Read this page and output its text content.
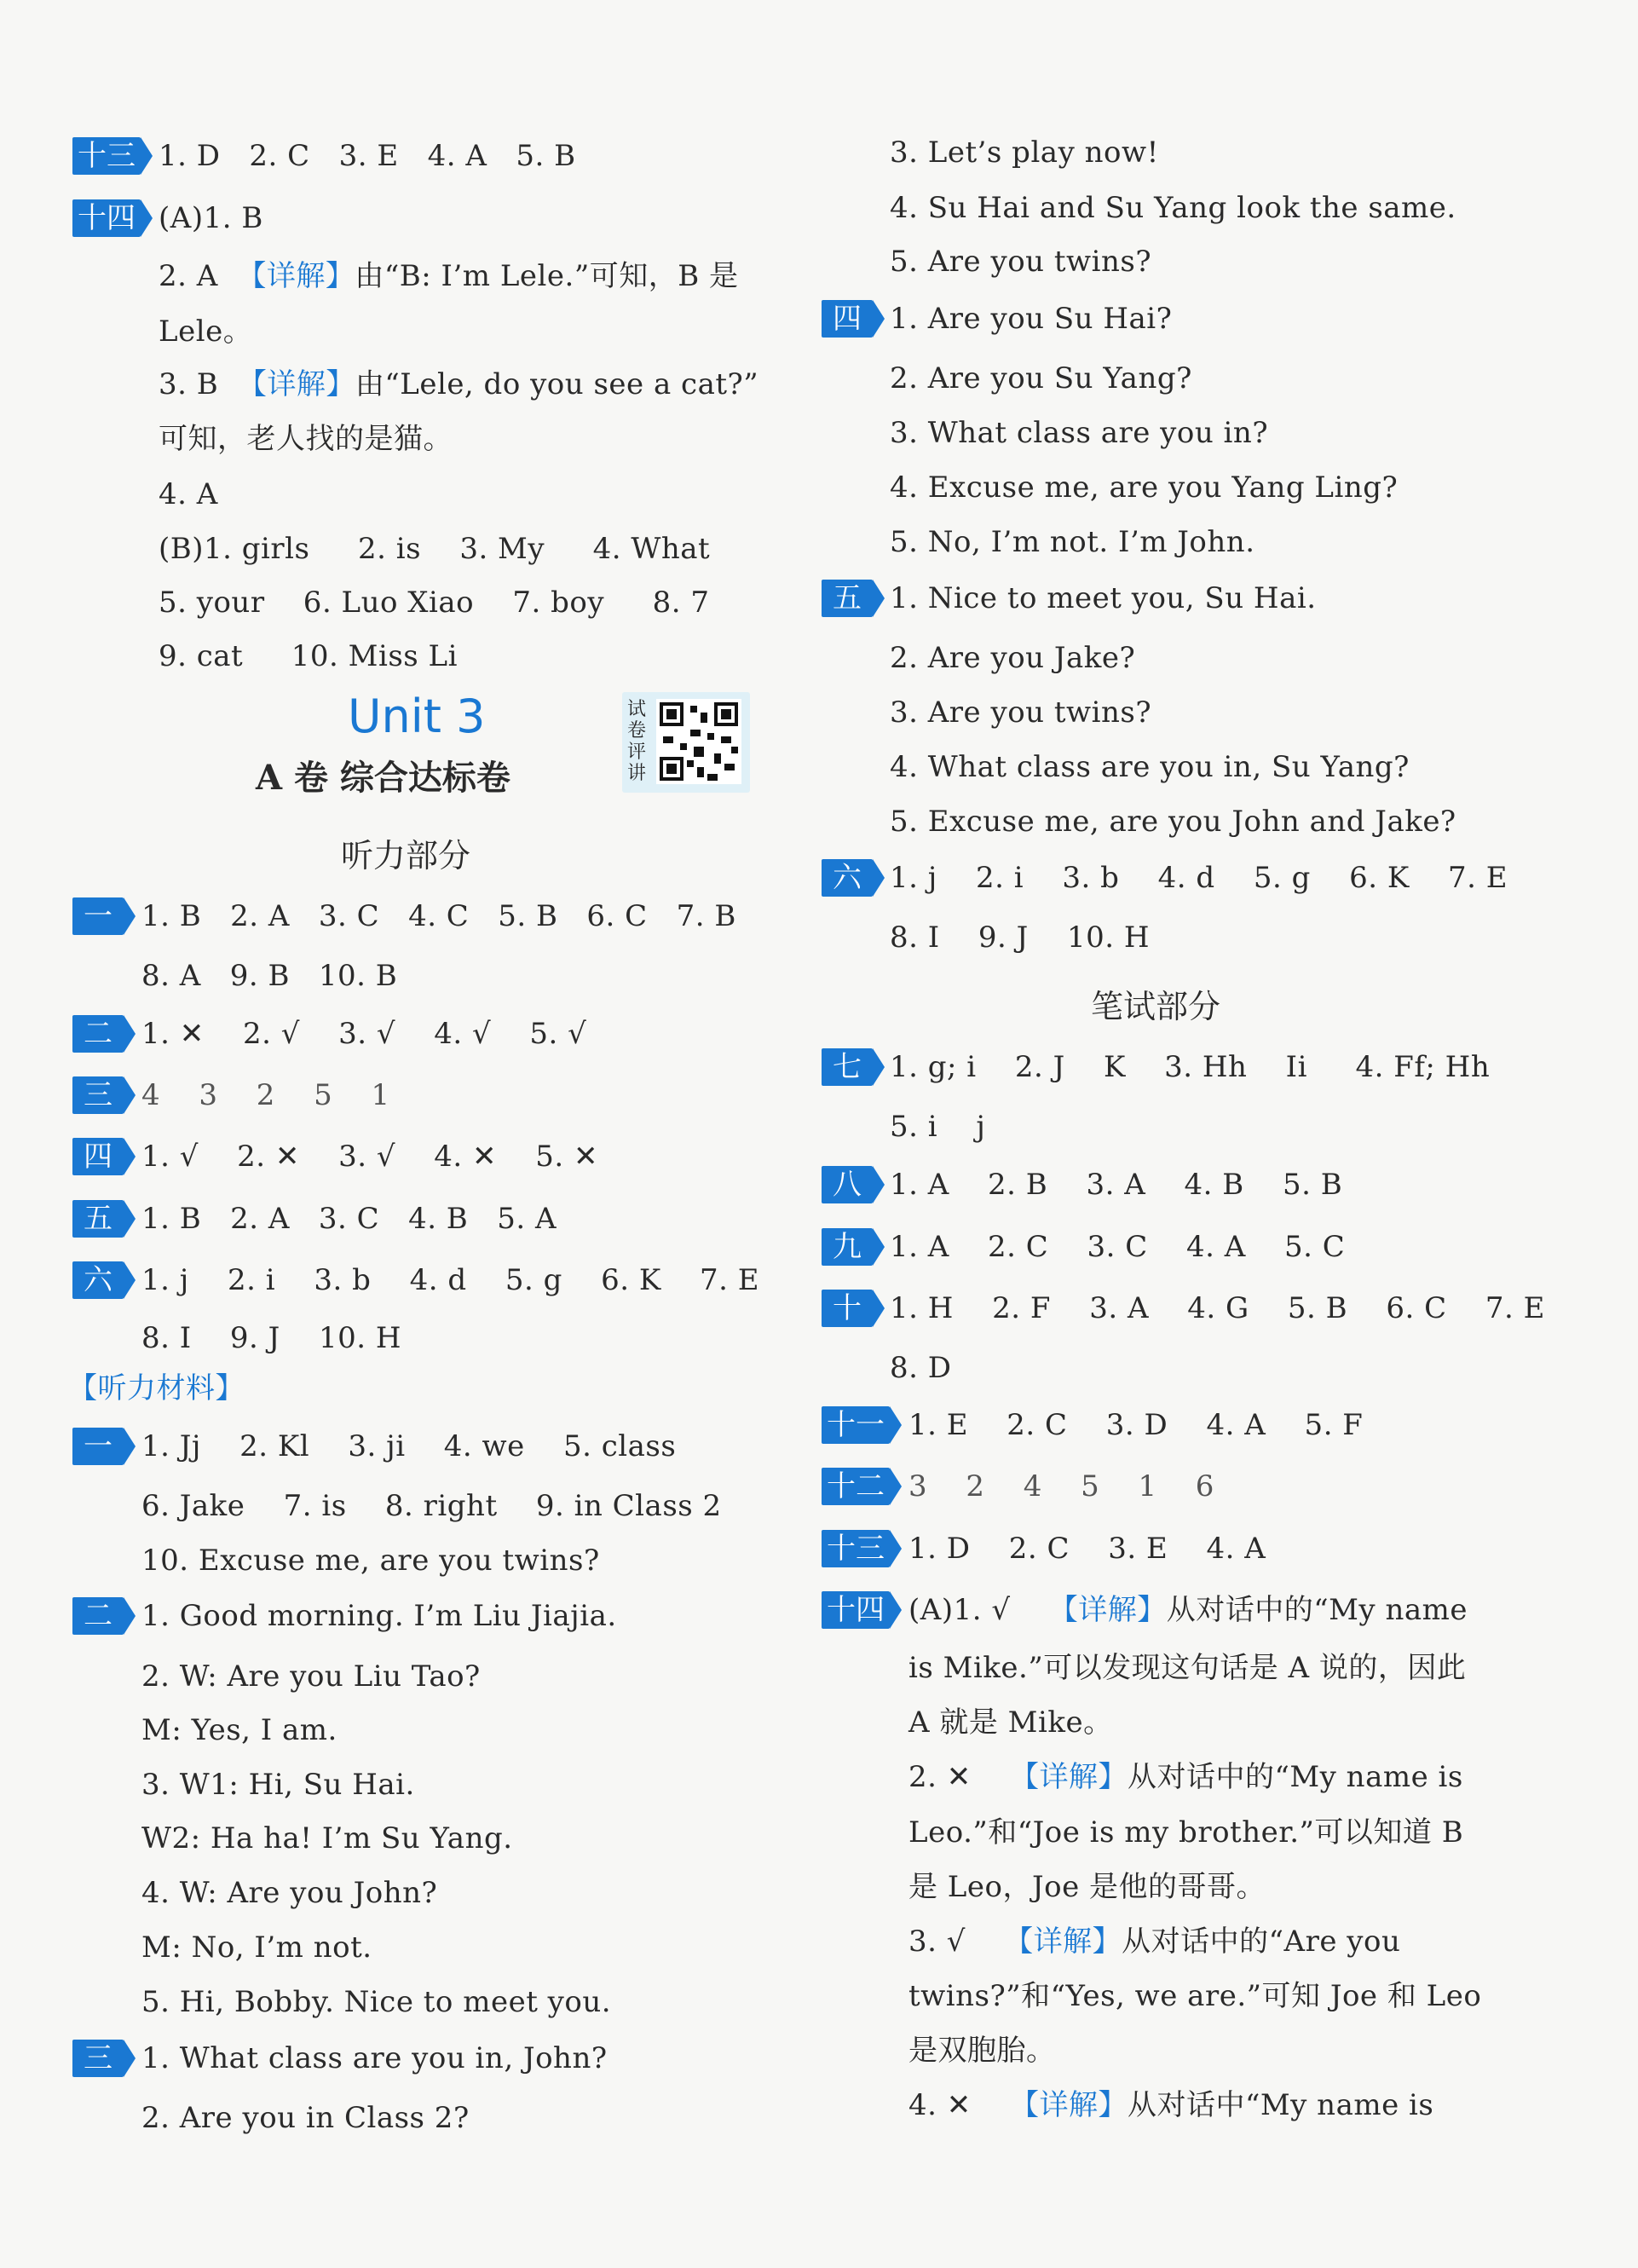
十三 1. D   2. C   3. E   4. A   5. B
十四 (A)1. B
2. A  【详解】由“B: I’m Lele.”可知，B 是
Lele。
3. B  【详解】由“Lele, do you see a cat?”
可知，老人找的是猫。
4. A
(B)1. girls     2. is    3. My     4. What
5. your    6. Luo Xiao    7. boy     8. 7
9. cat     10. Miss Li
Unit 3
A 卷 综合达标卷
试卷评讲
听力部分
一	1. B   2. A   3. C   4. C   5. B   6. C   7. B
8. A   9. B   10. B
二	1. ✕    2. √    3. √    4. √    5. √
三	4    3    2    5    1
四	1. √    2. ✕    3. √    4. ✕    5. ✕
五	1. B   2. A   3. C   4. B   5. A
六	1. j    2. i    3. b    4. d    5. g    6. K    7. E
8. I    9. J    10. H
【听力材料】
一	1. Jj    2. Kl    3. ji    4. we    5. class
6. Jake    7. is    8. right    9. in Class 2
10. Excuse me, are you twins?
二	1. Good morning. I’m Liu Jiajia.
2. W: Are you Liu Tao?
M: Yes, I am.
3. W1: Hi, Su Hai.
W2: Ha ha! I’m Su Yang.
4. W: Are you John?
M: No, I’m not.
5. Hi, Bobby. Nice to meet you.
三	1. What class are you in, John?
2. Are you in Class 2?
3. Let’s play now!
4. Su Hai and Su Yang look the same.
5. Are you twins?
四 1. Are you Su Hai?
2. Are you Su Yang?
3. What class are you in?
4. Excuse me, are you Yang Ling?
5. No, I’m not. I’m John.
五 1. Nice to meet you, Su Hai.
2. Are you Jake?
3. Are you twins?
4. What class are you in, Su Yang?
5. Excuse me, are you John and Jake?
六 1. j    2. i    3. b    4. d    5. g    6. K    7. E
8. I    9. J    10. H
笔试部分
七 1. g; i    2. J    K    3. Hh    Ii     4. Ff; Hh
5. i    j
八 1. A    2. B    3. A    4. B    5. B
九 1. A    2. C    3. C    4. A    5. C
十 1. H    2. F    3. A    4. G    5. B    6. C    7. E
8. D
十一 1. E    2. C    3. D    4. A    5. F
十二 3    2    4    5    1    6
十三 1. D    2. C    3. E    4. A
十四 (A)1. √    【详解】从对话中的“My name
is Mike.”可以发现这句话是 A 说的，因此
A 就是 Mike。
2. ✕    【详解】从对话中的“My name is
Leo.”和“Joe is my brother.”可以知道 B
是 Leo，Joe 是他的哥哥。
3. √    【详解】从对话中的“Are you
twins?”和“Yes, we are.”可知 Joe 和 Leo
是双胞胎。
4. ✕    【详解】从对话中“My name is
